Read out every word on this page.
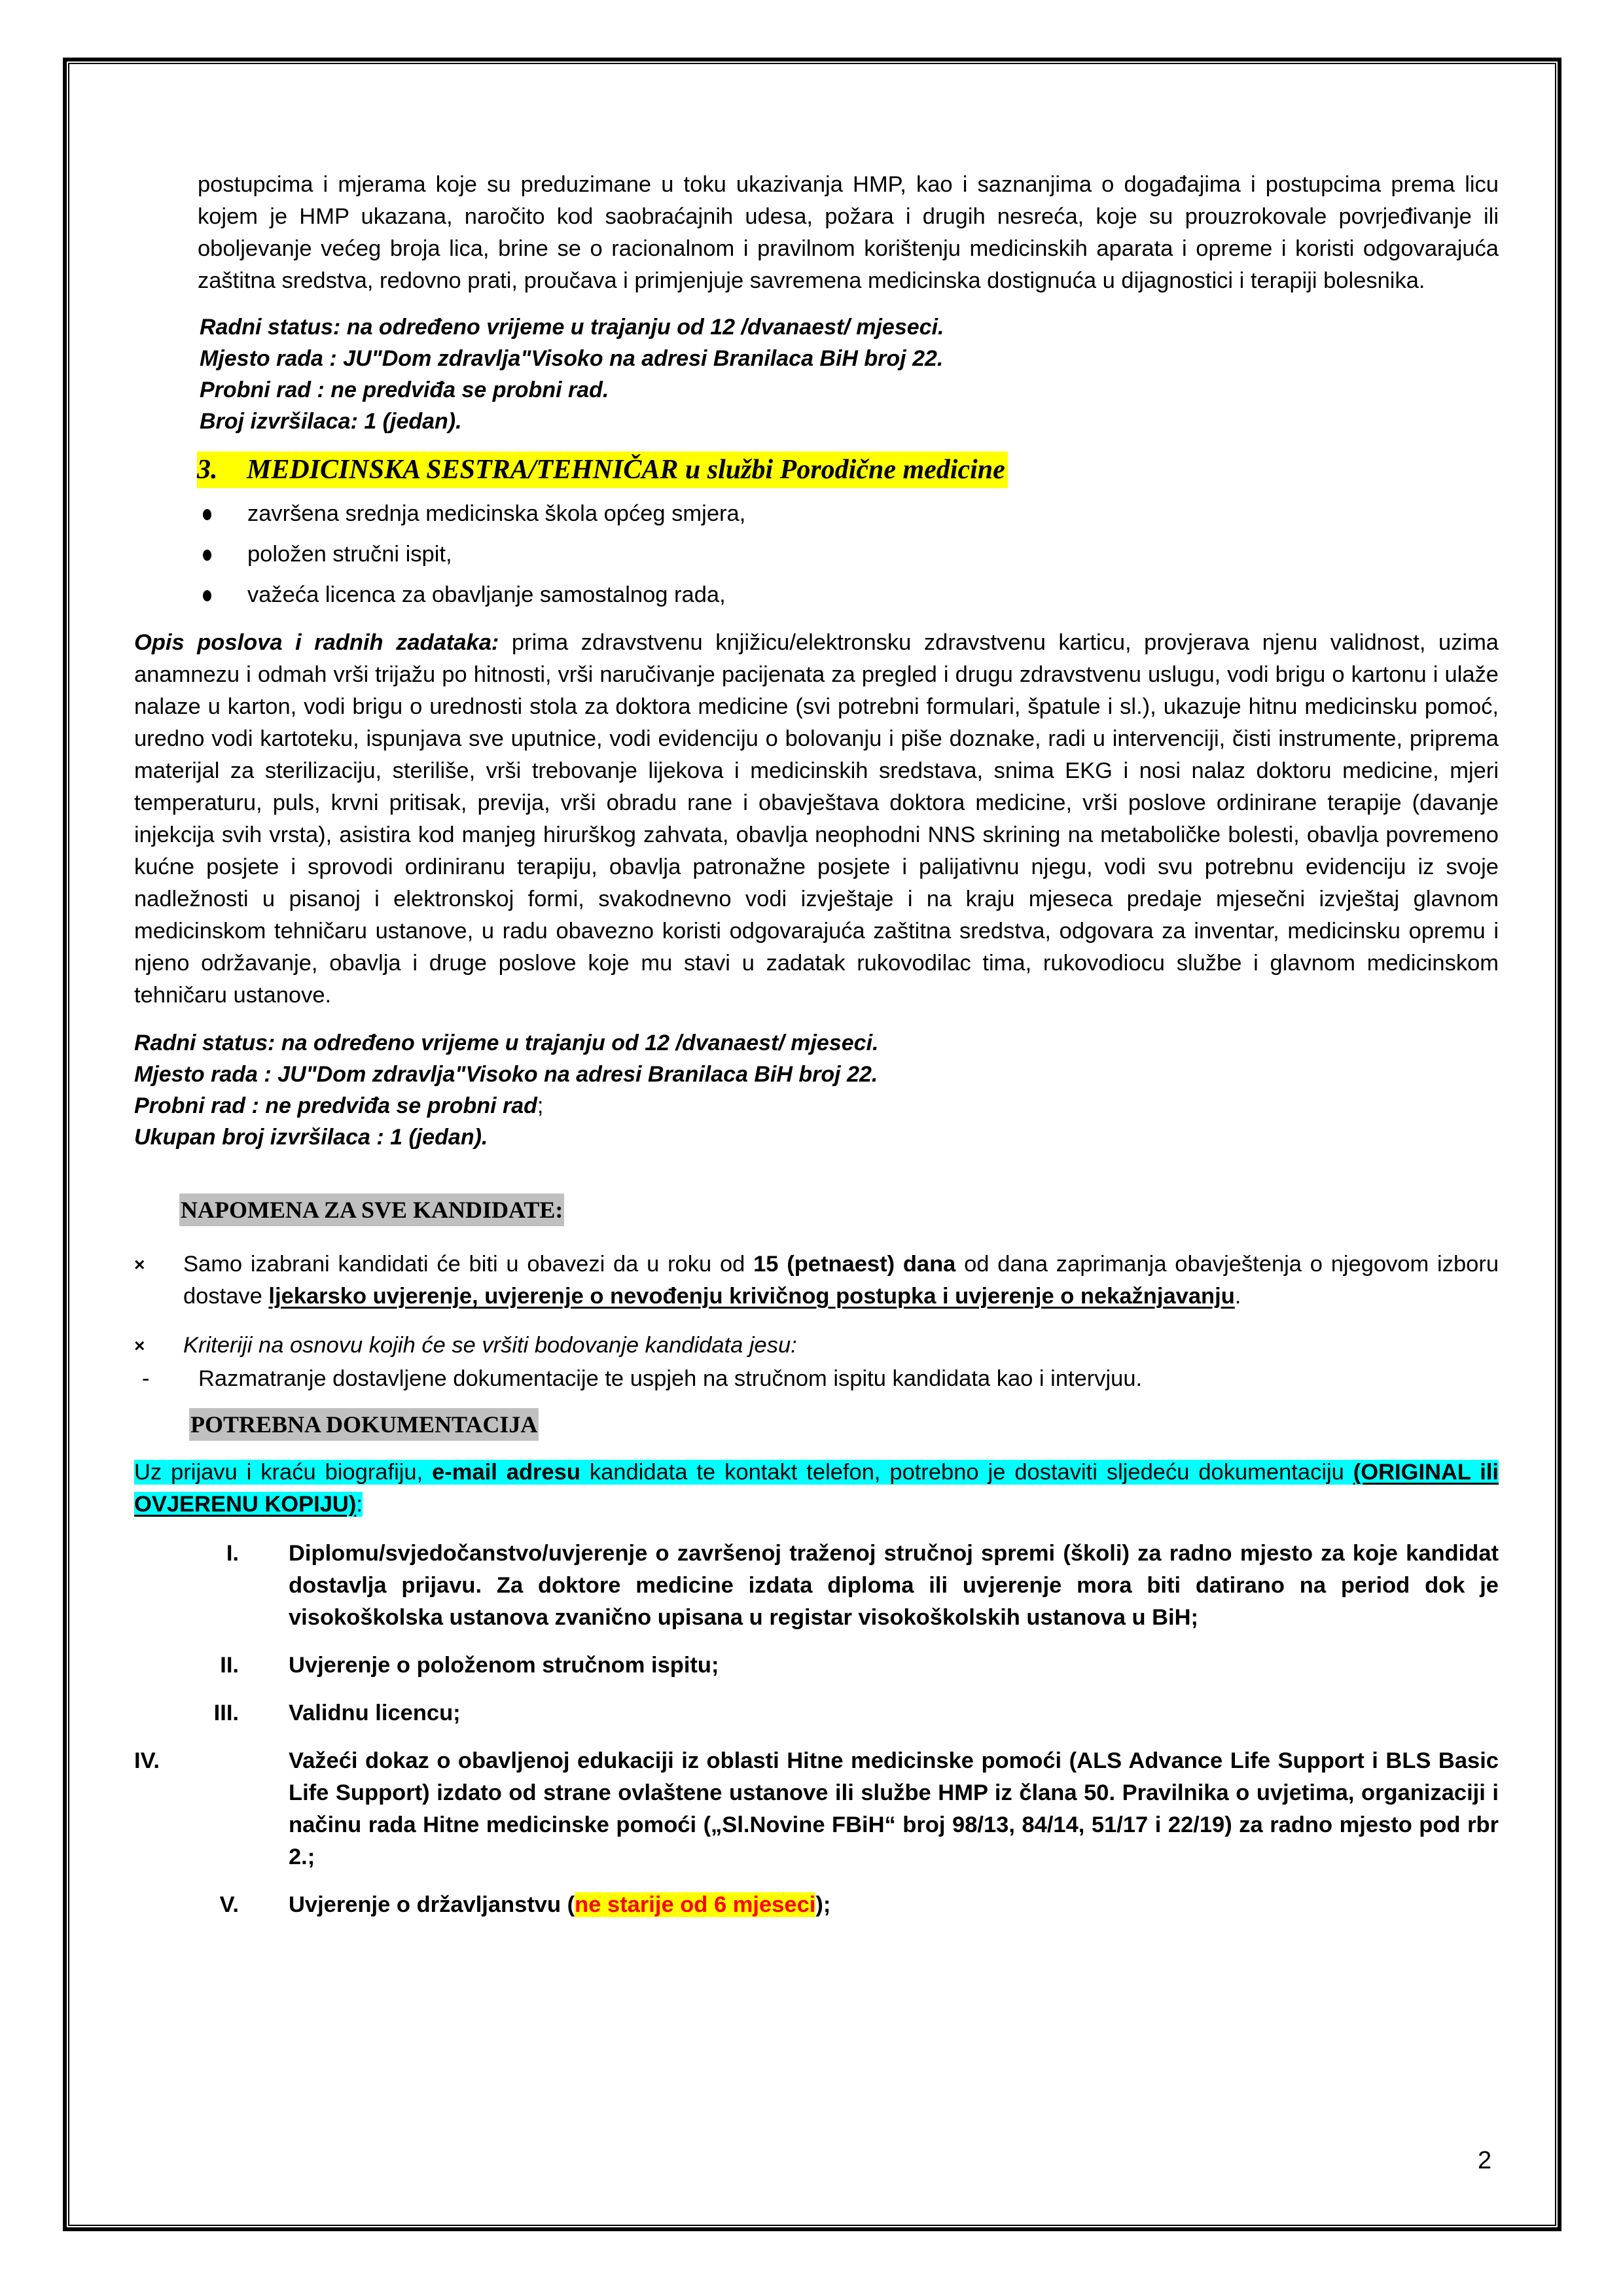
postupcima i mjerama koje su preduzimane u toku ukazivanja HMP, kao i saznanjima o događajima i postupcima prema licu kojem je HMP ukazana, naročito kod saobraćajnih udesa, požara i drugih nesreća, koje su prouzrokovale povrjeđivanje ili oboljevanje većeg broja lica, brine se o racionalnom i pravilnom korištenju medicinskih aparata i opreme i koristi odgovarajuća zaštitna sredstva, redovno prati, proučava i primjenjuje savremena medicinska dostignuća u dijagnostici i terapiji bolesnika.

Radni status: na određeno vrijeme u trajanju od 12 /dvanaest/ mjeseci.

Mjesto rada : JU"Dom zdravlja"Visoko na adresi Branilaca BiH broj 22.

Probni rad : ne predviđa se probni rad.

Broj izvršilaca: 1 (jedan).

3. MEDICINSKA SESTRA/TEHNIČAR u službi Porodične medicine
završena srednja medicinska škola općeg smjera,
položen stručni ispit,
važeća licenca za obavljanje samostalnog rada,

Opis poslova i radnih zadataka: prima zdravstvenu knjižicu/elektronsku zdravstvenu karticu, provjerava njenu validnost, uzima anamnezu i odmah vrši trijažu po hitnosti, vrši naručivanje pacijenata za pregled i drugu zdravstvenu uslugu, vodi brigu o kartonu i ulaže nalaze u karton, vodi brigu o urednosti stola za doktora medicine (svi potrebni formulari, špatule i sl.), ukazuje hitnu medicinsku pomoć, uredno vodi kartoteku, ispunjava sve uputnice, vodi evidenciju o bolovanju i piše doznake, radi u intervenciji, čisti instrumente, priprema materijal za sterilizaciju, steriliše, vrši trebovanje lijekova i medicinskih sredstava, snima EKG i nosi nalaz doktoru medicine, mjeri temperaturu, puls, krvni pritisak, previja, vrši obradu rane i obavještava doktora medicine, vrši poslove ordinirane terapije (davanje injekcija svih vrsta), asistira kod manjeg hirurškog zahvata, obavlja neophodni NNS skrining na metaboličke bolesti, obavlja povremeno kućne posjete i sprovodi ordiniranu terapiju, obavlja patronažne posjete i palijativnu njegu, vodi svu potrebnu evidenciju iz svoje nadležnosti u pisanoj i elektronskoj formi, svakodnevno vodi izvještaje i na kraju mjeseca predaje mjesečni izvještaj glavnom medicinskom tehničaru ustanove, u radu obavezno koristi odgovarajuća zaštitna sredstva, odgovara za inventar, medicinsku opremu i njeno održavanje, obavlja i druge poslove koje mu stavi u zadatak rukovodilac tima, rukovodiocu službe i glavnom medicinskom tehničaru ustanove.

Radni status: na određeno vrijeme u trajanju od 12 /dvanaest/ mjeseci.

Mjesto rada : JU"Dom zdravlja"Visoko na adresi Branilaca BiH broj 22.

Probni rad : ne predviđa se probni rad;

Ukupan broj izvršilaca : 1 (jedan).

NAPOMENA ZA SVE KANDIDATE:

× Samo izabrani kandidati će biti u obavezi da u roku od 15 (petnaest) dana od dana zaprimanja obavještenja o njegovom izboru dostave ljekarsko uvjerenje, uvjerenje o nevođenju krivičnog postupka i uvjerenje o nekažnjavanju.

× Kriteriji na osnovu kojih će se vršiti bodovanje kandidata jesu:

- Razmatranje dostavljene dokumentacije te uspjeh na stručnom ispitu kandidata kao i intervjuu.

POTREBNA DOKUMENTACIJA

Uz prijavu i kraću biografiju, e-mail adresu kandidata te kontakt telefon, potrebno je dostaviti sljedeću dokumentaciju (ORIGINAL ili OVJERENU KOPIJU):

I. Diplomu/svjedočanstvo/uvjerenje o završenoj traženoj stručnoj spremi (školi) za radno mjesto za koje kandidat dostavlja prijavu. Za doktore medicine izdata diploma ili uvjerenje mora biti datirano na period dok je visokoškolska ustanova zvanično upisana u registar visokoškolskih ustanova u BiH;
II. Uvjerenje o položenom stručnom ispitu;
III. Validnu licencu;
IV.	Važeći dokaz o obavljenoj edukaciji iz oblasti Hitne medicinske pomoći (ALS Advance Life Support i BLS Basic Life Support) izdato od strane ovlaštene ustanove ili službe HMP iz člana 50. Pravilnika o uvjetima, organizaciji i načinu rada Hitne medicinske pomoći („Sl.Novine FBiH“ broj 98/13, 84/14, 51/17 i 22/19) za radno mjesto pod rbr 2.;
V. Uvjerenje o državljanstvu (ne starije od 6 mjeseci);
2
